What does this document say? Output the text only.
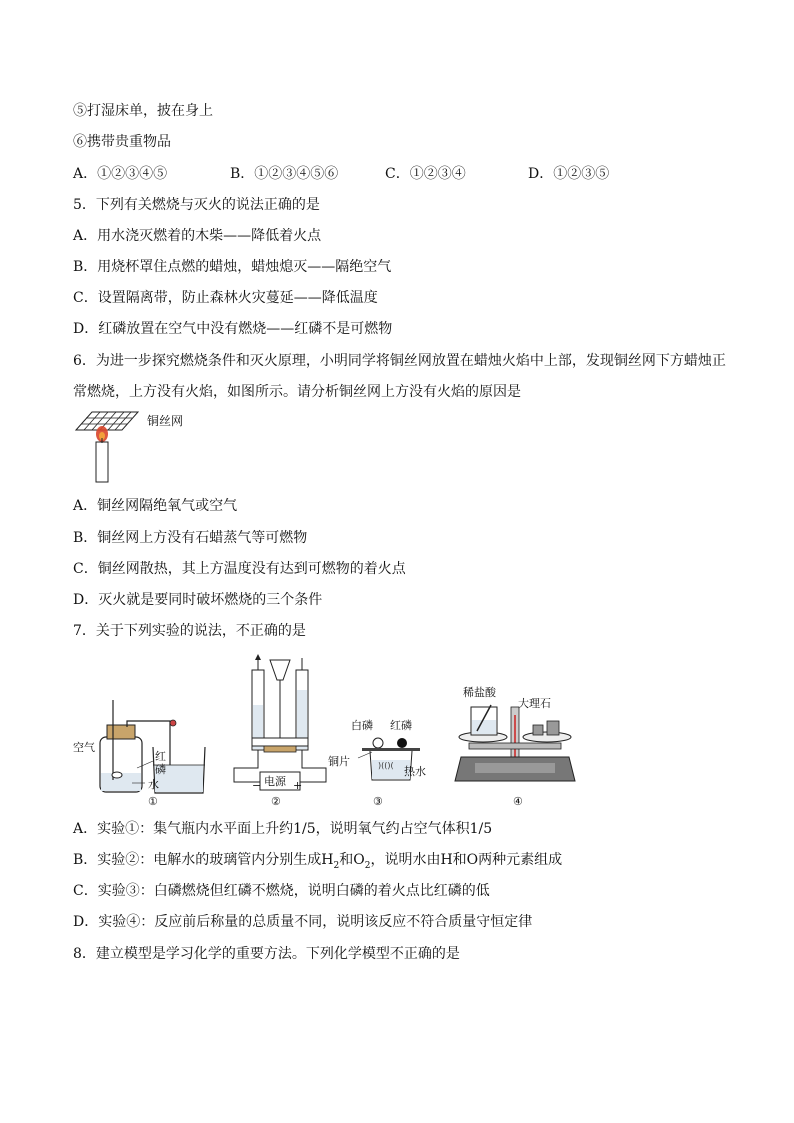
⑤打湿床单，披在身上
⑥携带贵重物品
A．①②③④⑤	B．①②③④⑤⑥	C．①②③④	D．①②③⑤
5．下列有关燃烧与灭火的说法正确的是
A．用水浇灭燃着的木柴——降低着火点
B．用烧杯罩住点燃的蜡烛，蜡烛熄灭——隔绝空气
C．设置隔离带，防止森林火灾蔓延——降低温度
D．红磷放置在空气中没有燃烧——红磷不是可燃物
6．为进一步探究燃烧条件和灭火原理，小明同学将铜丝网放置在蜡烛火焰中上部，发现铜丝网下方蜡烛正
常燃烧，上方没有火焰，如图所示。请分析铜丝网上方没有火焰的原因是
铜丝网
A．铜丝网隔绝氧气或空气
B．铜丝网上方没有石蜡蒸气等可燃物
C．铜丝网散热，其上方温度没有达到可燃物的着火点
D．灭火就是要同时破坏燃烧的三个条件
7．关于下列实验的说法，不正确的是
空气
红
磷
水
①
电源
−	+
②
)(()(
白磷 红磷
铜片
热水
③
稀盐酸
大理石
④
A．实验①：集气瓶内水平面上升约1/5，说明氧气约占空气体积1/5
B．实验②：电解水的玻璃管内分别生成$H_2$和$O_2$，说明水由H和O两种元素组成
C．实验③：白磷燃烧但红磷不燃烧，说明白磷的着火点比红磷的低
D．实验④：反应前后称量的总质量不同，说明该反应不符合质量守恒定律
8．建立模型是学习化学的重要方法。下列化学模型不正确的是
